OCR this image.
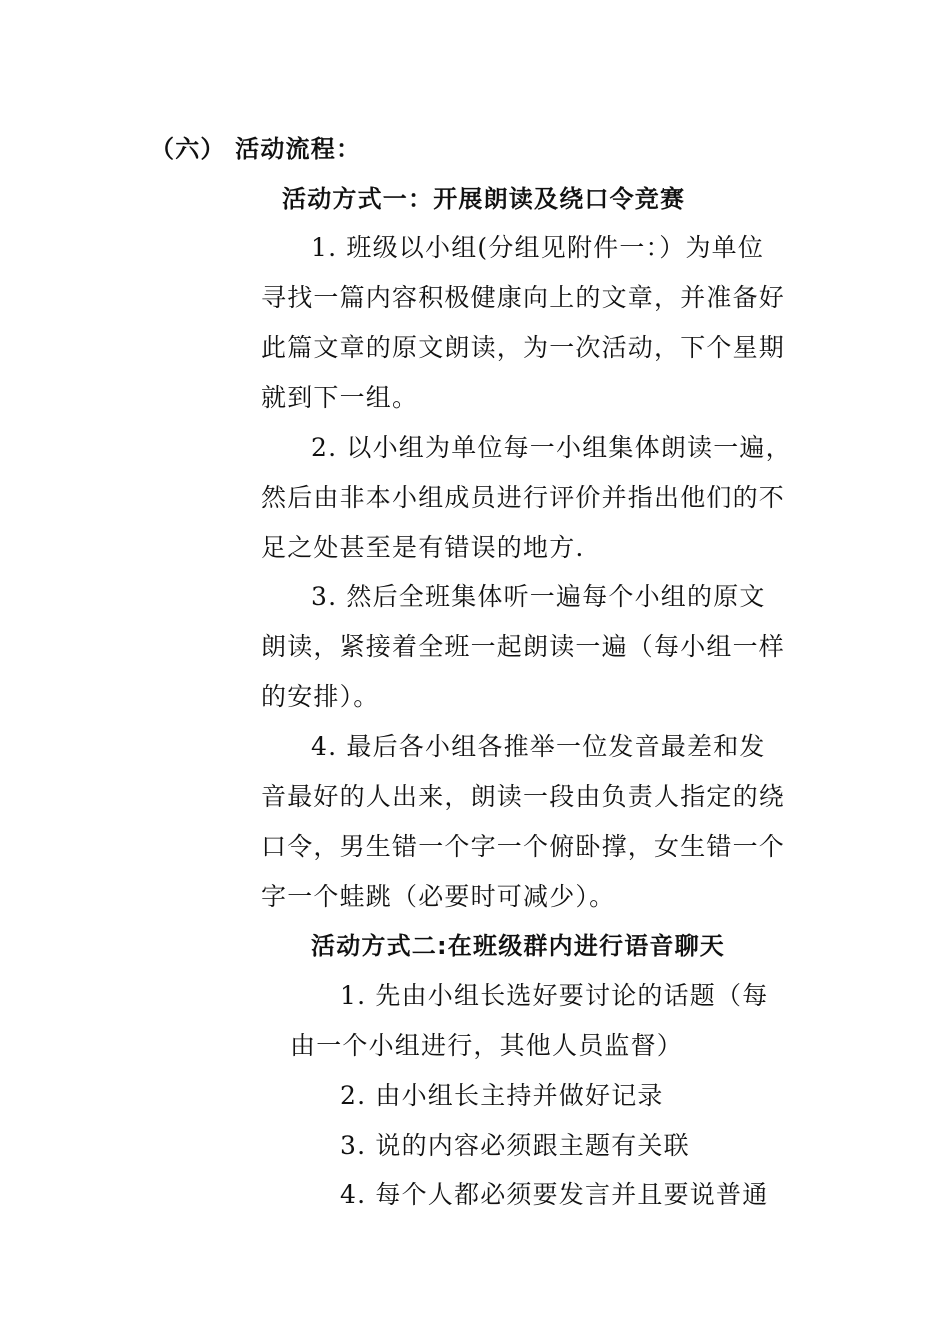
（六） 活动流程：
活动方式一：开展朗读及绕口令竞赛
1. 班级以小组(分组见附件一：）为单位
寻找一篇内容积极健康向上的文章，并准备好
此篇文章的原文朗读，为一次活动，下个星期
就到下一组。
2. 以小组为单位每一小组集体朗读一遍，
然后由非本小组成员进行评价并指出他们的不
足之处甚至是有错误的地方.
3. 然后全班集体听一遍每个小组的原文
朗读，紧接着全班一起朗读一遍（每小组一样
的安排）。
4. 最后各小组各推举一位发音最差和发
音最好的人出来，朗读一段由负责人指定的绕
口令，男生错一个字一个俯卧撑，女生错一个
字一个蛙跳（必要时可减少）。
活动方式二:在班级群内进行语音聊天
1. 先由小组长选好要讨论的话题（每
由一个小组进行，其他人员监督）
2. 由小组长主持并做好记录
3. 说的内容必须跟主题有关联
4. 每个人都必须要发言并且要说普通
